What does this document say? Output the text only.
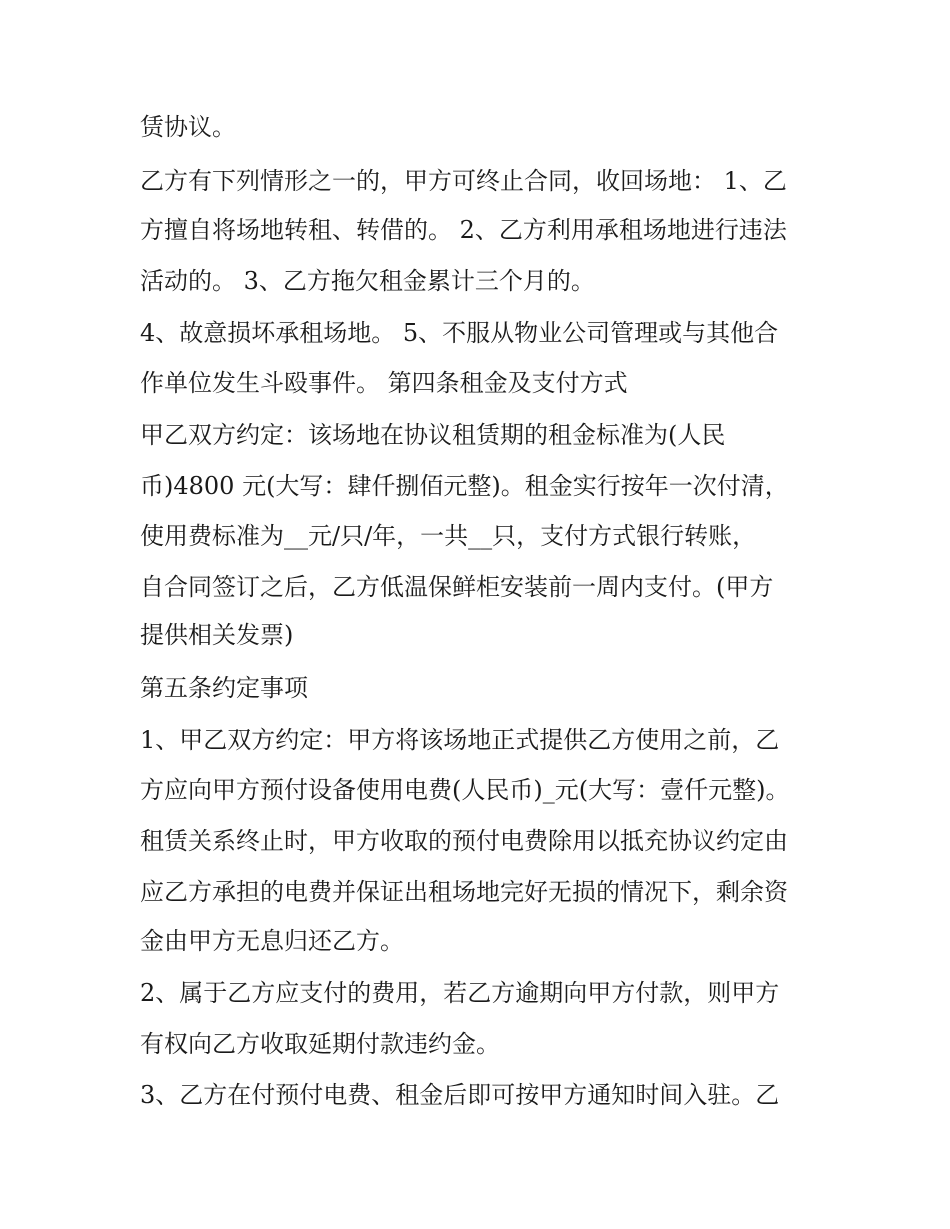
赁协议。
乙方有下列情形之一的，甲方可终止合同，收回场地： 1、乙
方擅自将场地转租、转借的。 2、乙方利用承租场地进行违法
活动的。 3、乙方拖欠租金累计三个月的。
4、故意损坏承租场地。 5、不服从物业公司管理或与其他合
作单位发生斗殴事件。 第四条租金及支付方式
甲乙双方约定：该场地在协议租赁期的租金标准为(人民
币)4800 元(大写：肆仟捌佰元整)。租金实行按年一次付清，
使用费标准为__元/只/年，一共__只，支付方式银行转账，
自合同签订之后，乙方低温保鲜柜安装前一周内支付。(甲方
提供相关发票)
第五条约定事项
1、甲乙双方约定：甲方将该场地正式提供乙方使用之前，乙
方应向甲方预付设备使用电费(人民币)_元(大写：壹仟元整)。
租赁关系终止时，甲方收取的预付电费除用以抵充协议约定由
应乙方承担的电费并保证出租场地完好无损的情况下，剩余资
金由甲方无息归还乙方。
2、属于乙方应支付的费用，若乙方逾期向甲方付款，则甲方
有权向乙方收取延期付款违约金。
3、乙方在付预付电费、租金后即可按甲方通知时间入驻。乙
